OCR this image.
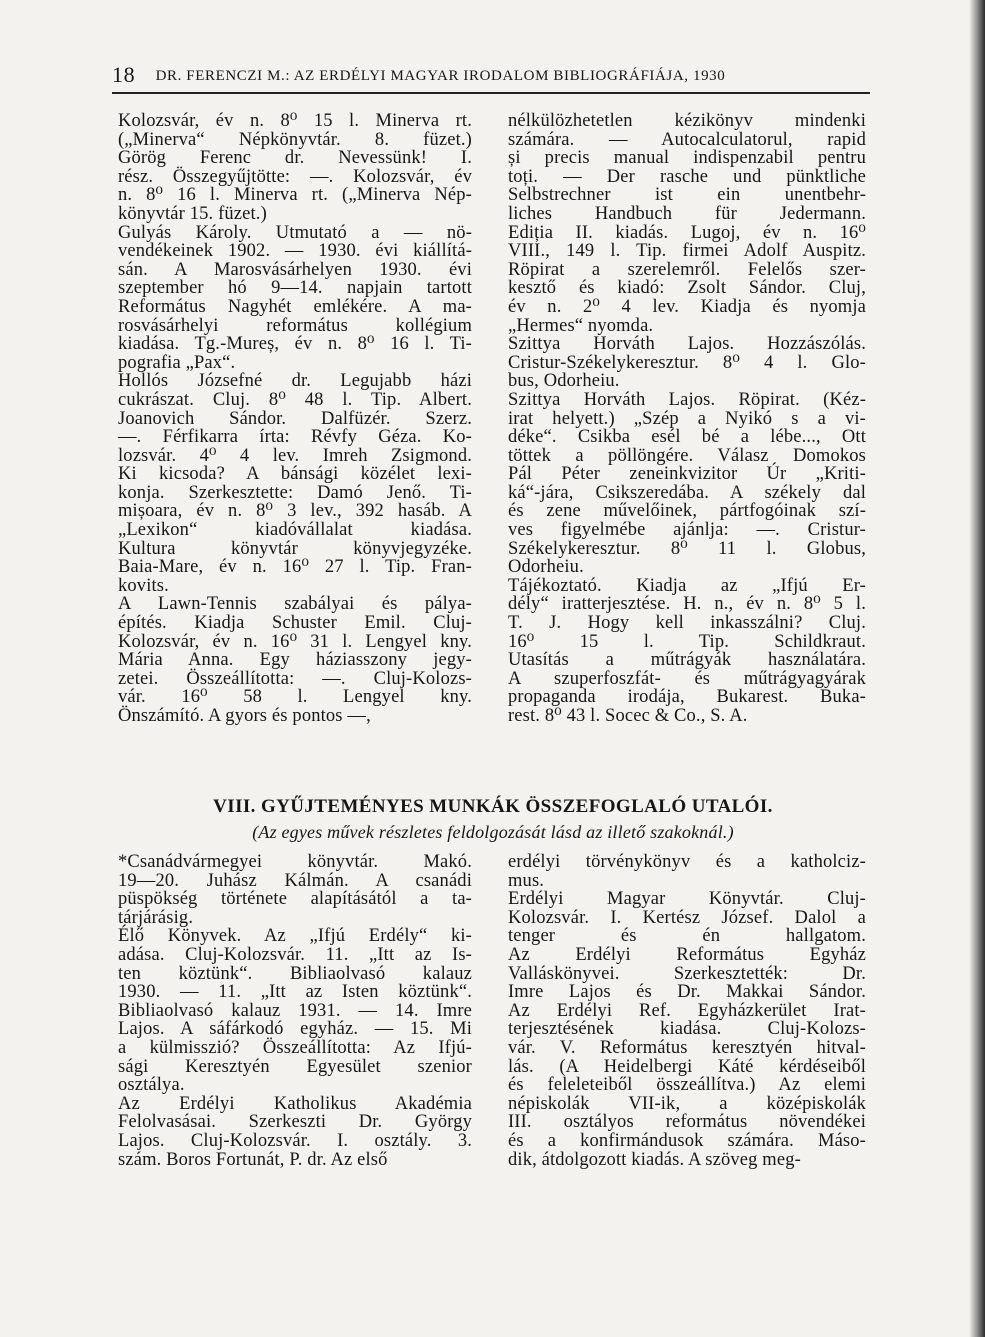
18 DR. FERENCZI M.: AZ ERDÉLYI MAGYAR IRODALOM BIBLIOGRÁFIÁJA, 1930
Kolozsvár, év n. 8⁰ 15 l. Minerva rt.
(„Minerva“ Népkönyvtár. 8. füzet.)
Görög Ferenc dr. Nevessünk! I.
rész. Összegyűjtötte: —. Kolozsvár, év
n. 8⁰ 16 l. Minerva rt. („Minerva Nép-
könyvtár 15. füzet.)
Gulyás Károly. Utmutató a — nö-
vendékeinek 1902. — 1930. évi kiállítá-
sán. A Marosvásárhelyen 1930. évi
szeptember hó 9—14. napjain tartott
Református Nagyhét emlékére. A ma-
rosvásárhelyi református kollégium
kiadása. Tg.-Mureș, év n. 8⁰ 16 l. Ti-
pografia „Pax“.
Hollós Józsefné dr. Legujabb házi
cukrászat. Cluj. 8⁰ 48 l. Tip. Albert.
Joanovich Sándor. Dalfüzér. Szerz.
—. Férfikarra írta: Révfy Géza. Ko-
lozsvár. 4⁰ 4 lev. Imreh Zsigmond.
Ki kicsoda? A bánsági közélet lexi-
konja. Szerkesztette: Damó Jenő. Ti-
mișoara, év n. 8⁰ 3 lev., 392 hasáb. A
„Lexikon“ kiadóvállalat kiadása.
Kultura könyvtár könyvjegyzéke.
Baia-Mare, év n. 16⁰ 27 l. Tip. Fran-
kovits.
A Lawn-Tennis szabályai és pálya-
építés. Kiadja Schuster Emil. Cluj-
Kolozsvár, év n. 16⁰ 31 l. Lengyel kny.
Mária Anna. Egy háziasszony jegy-
zetei. Összeállította: —. Cluj-Kolozs-
vár. 16⁰ 58 l. Lengyel kny.
Önszámító. A gyors és pontos —,
nélkülözhetetlen kézikönyv mindenki
számára. — Autocalculatorul, rapid
și precis manual indispenzabil pentru
toți. — Der rasche und pünktliche
Selbstrechner ist ein unentbehr-
liches Handbuch für Jedermann.
Ediția II. kiadás. Lugoj, év n. 16⁰
VIII., 149 l. Tip. firmei Adolf Auspitz.
Röpirat a szerelemről. Felelős szer-
kesztő és kiadó: Zsolt Sándor. Cluj,
év n. 2⁰ 4 lev. Kiadja és nyomja
„Hermes“ nyomda.
Szittya Horváth Lajos. Hozzászólás.
Cristur-Székelykeresztur. 8⁰ 4 l. Glo-
bus, Odorheiu.
Szittya Horváth Lajos. Röpirat. (Kéz-
irat helyett.) „Szép a Nyikó s a vi-
déke“. Csikba esél bé a lébe..., Ott
töttek a pöllöngére. Válasz Domokos
Pál Péter zeneinkvizitor Úr „Kriti-
ká“-jára, Csikszeredába. A székely dal
és zene művelőinek, pártfogóinak szí-
ves figyelmébe ajánlja: —. Cristur-
Székelykeresztur. 8⁰ 11 l. Globus,
Odorheiu.
Tájékoztató. Kiadja az „Ifjú Er-
dély“ iratterjesztése. H. n., év n. 8⁰ 5 l.
T. J. Hogy kell inkasszálni? Cluj.
16⁰ 15 l. Tip. Schildkraut.
Utasítás a műtrágyák használatára.
A szuperfoszfát- és műtrágyagyárak
propaganda irodája, Bukarest. Buka-
rest. 8⁰ 43 l. Socec & Co., S. A.
VIII. GYŰJTEMÉNYES MUNKÁK ÖSSZEFOGLALÓ UTALÓI.
(Az egyes művek részletes feldolgozását lásd az illető szakoknál.)
*Csanádvármegyei könyvtár. Makó.
19—20. Juhász Kálmán. A csanádi
püspökség története alapításától a ta-
tárjárásig.
Élő Könyvek. Az „Ifjú Erdély“ ki-
adása. Cluj-Kolozsvár. 11. „Itt az Is-
ten köztünk“. Bibliaolvasó kalauz
1930. — 11. „Itt az Isten köztünk“.
Bibliaolvasó kalauz 1931. — 14. Imre
Lajos. A sáfárkodó egyház. — 15. Mi
a külmisszió? Összeállította: Az Ifjú-
sági Keresztyén Egyesület szenior
osztálya.
Az Erdélyi Katholikus Akadémia
Felolvasásai. Szerkeszti Dr. György
Lajos. Cluj-Kolozsvár. I. osztály. 3.
szám. Boros Fortunát, P. dr. Az első
erdélyi törvénykönyv és a katholciz-
mus.
Erdélyi Magyar Könyvtár. Cluj-
Kolozsvár. I. Kertész József. Dalol a
tenger és én hallgatom.
Az Erdélyi Református Egyház
Valláskönyvei. Szerkesztették: Dr.
Imre Lajos és Dr. Makkai Sándor.
Az Erdélyi Ref. Egyházkerület Irat-
terjesztésének kiadása. Cluj-Kolozs-
vár. V. Református keresztyén hitval-
lás. (A Heidelbergi Káté kérdéseiből
és feleleteiből összeállítva.) Az elemi
népiskolák VII-ik, a középiskolák
III. osztályos református növendékei
és a konfirmándusok számára. Máso-
dik, átdolgozott kiadás. A szöveg meg-
